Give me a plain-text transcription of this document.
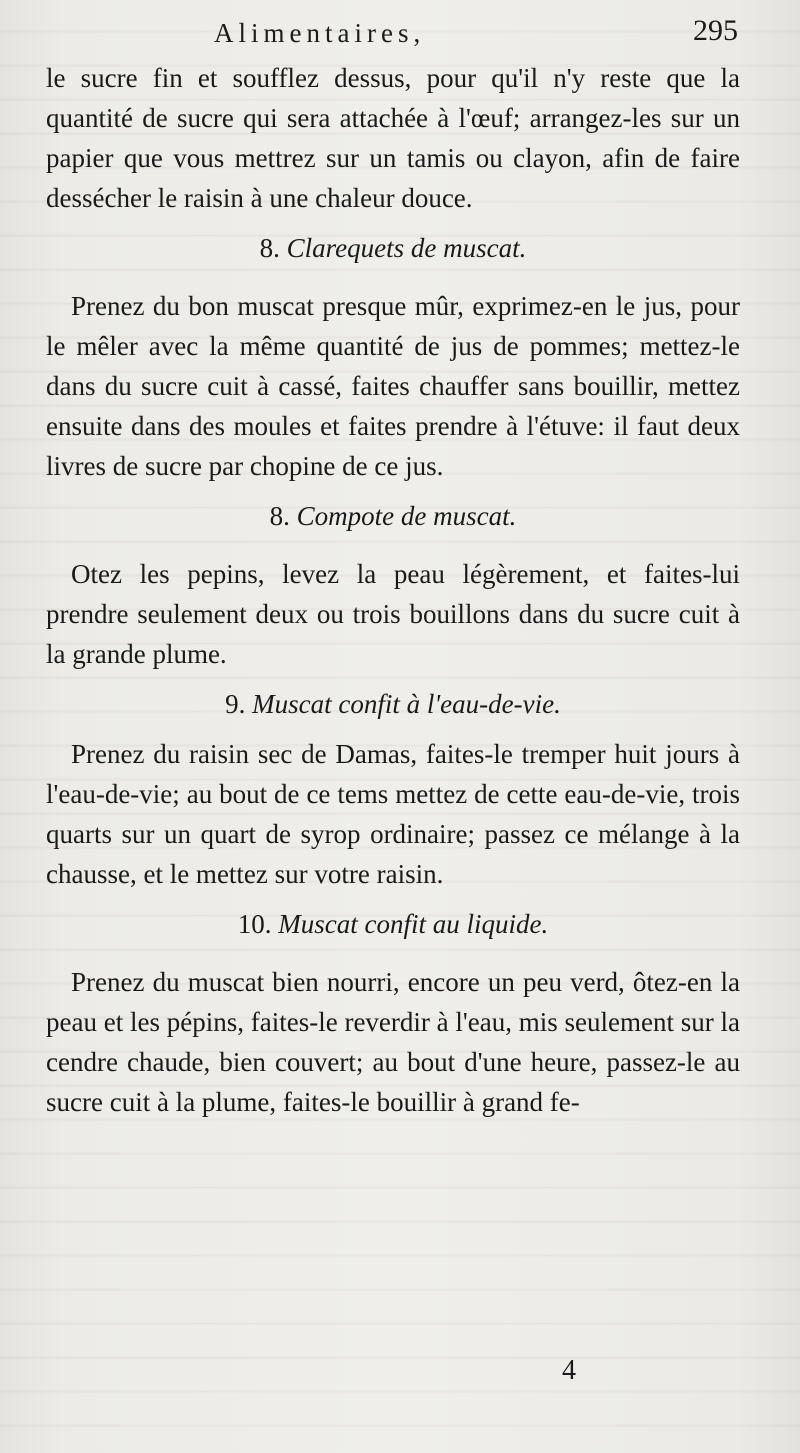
Alimentaires,	295

le sucre fin et soufflez dessus, pour qu'il n'y reste que la quantité de sucre qui sera attachée à l'œuf; arrangez-les sur un papier que vous mettrez sur un tamis ou clayon, afin de faire dessécher le raisin à une chaleur douce.

8. Clarequets de muscat.

Prenez du bon muscat presque mûr, exprimez-en le jus, pour le mêler avec la même quantité de jus de pommes; mettez-le dans du sucre cuit à cassé, faites chauffer sans bouillir, mettez ensuite dans des moules et faites prendre à l'étuve: il faut deux livres de sucre par chopine de ce jus.

8. Compote de muscat.

Otez les pepins, levez la peau légèrement, et faites-lui prendre seulement deux ou trois bouillons dans du sucre cuit à la grande plume.

9. Muscat confit à l'eau-de-vie.

Prenez du raisin sec de Damas, faites-le tremper huit jours à l'eau-de-vie; au bout de ce tems mettez de cette eau-de-vie, trois quarts sur un quart de syrop ordinaire; passez ce mélange à la chausse, et le mettez sur votre raisin.

10. Muscat confit au liquide.

Prenez du muscat bien nourri, encore un peu verd, ôtez-en la peau et les pépins, faites-le reverdir à l'eau, mis seulement sur la cendre chaude, bien couvert; au bout d'une heure, passez-le au sucre cuit à la plume, faites-le bouillir à grand fe-

4
